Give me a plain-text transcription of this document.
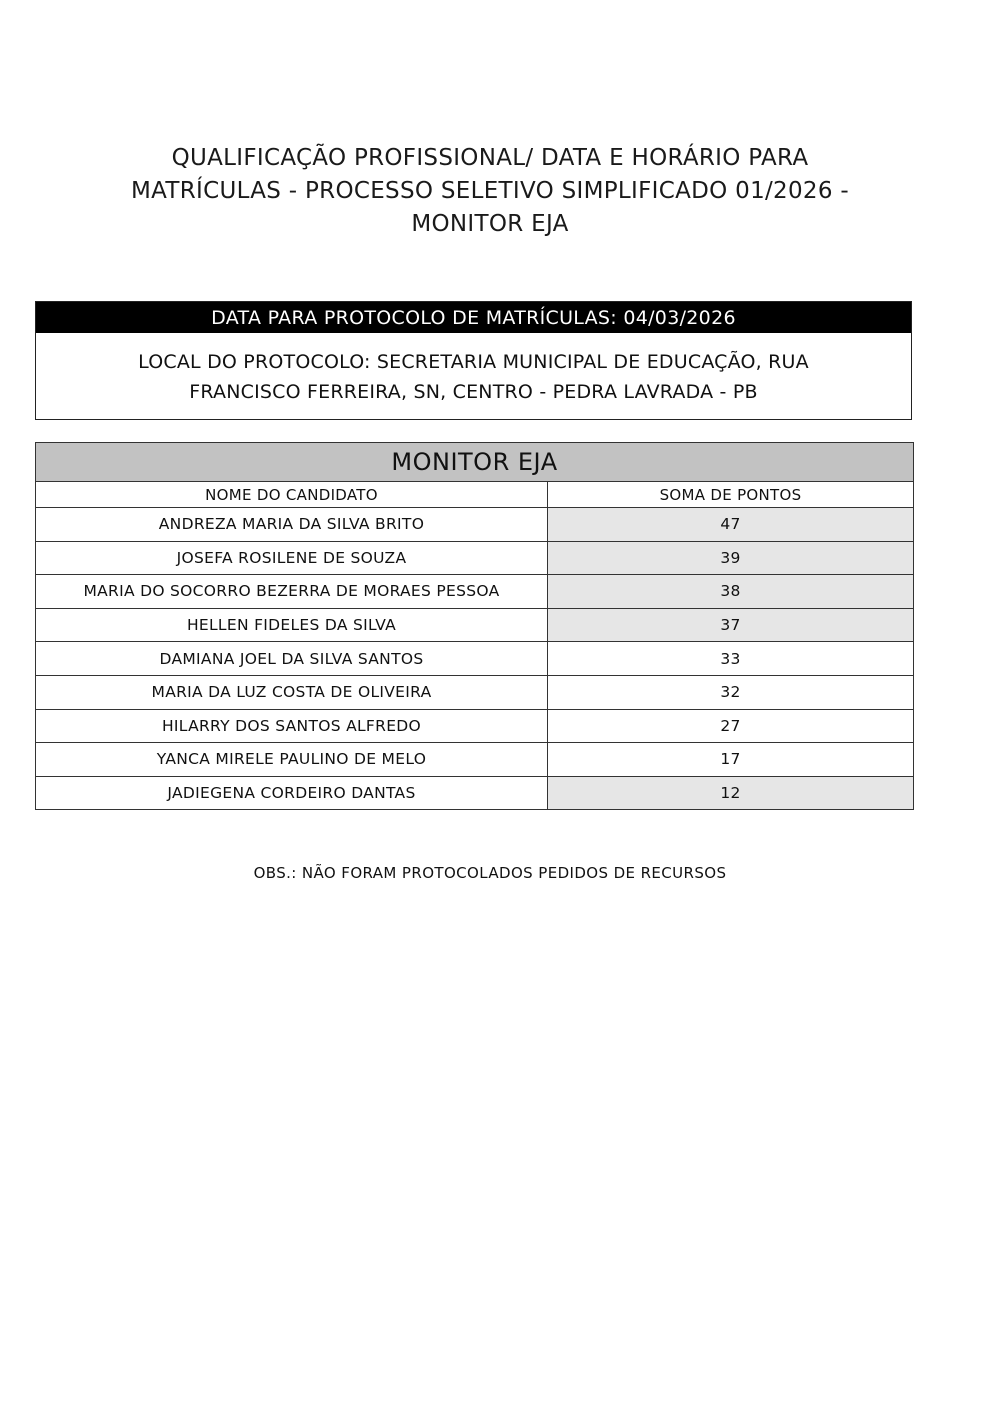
QUALIFICAÇÃO PROFISSIONAL/ DATA E HORÁRIO PARA
MATRÍCULAS - PROCESSO SELETIVO SIMPLIFICADO 01/2026 -
MONITOR EJA
DATA PARA PROTOCOLO DE MATRÍCULAS: 04/03/2026
LOCAL DO PROTOCOLO: SECRETARIA MUNICIPAL DE EDUCAÇÃO, RUA
FRANCISCO FERREIRA, SN, CENTRO - PEDRA LAVRADA - PB
MONITOR EJA	
NOME DO CANDIDATO	SOMA DE PONTOS
ANDREZA MARIA DA SILVA BRITO	47
JOSEFA ROSILENE DE SOUZA	39
MARIA DO SOCORRO BEZERRA DE MORAES PESSOA	38
HELLEN FIDELES DA SILVA	37
DAMIANA JOEL DA SILVA SANTOS	33
MARIA DA LUZ COSTA DE OLIVEIRA	32
HILARRY DOS SANTOS ALFREDO	27
YANCA MIRELE PAULINO DE MELO	17
JADIEGENA CORDEIRO DANTAS	12
OBS.: NÃO FORAM PROTOCOLADOS PEDIDOS DE RECURSOS
